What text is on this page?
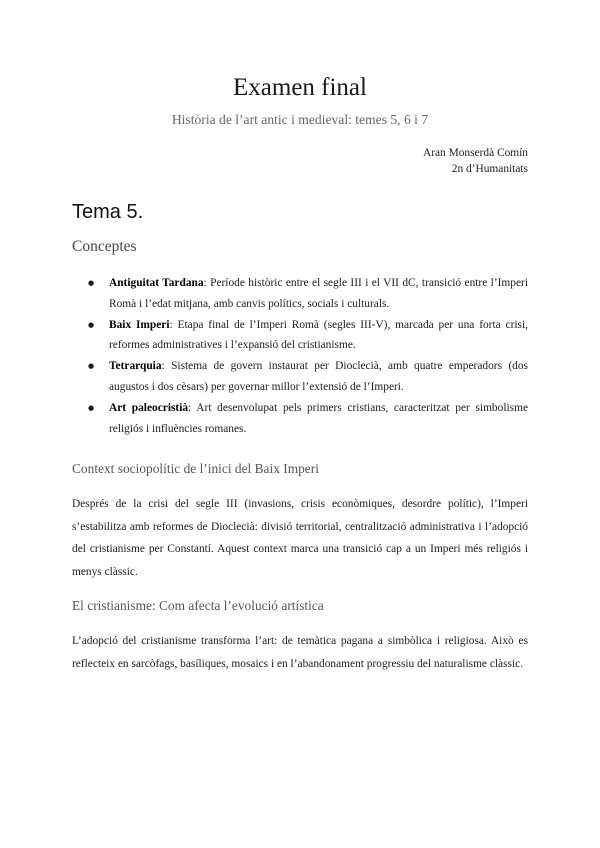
Examen final
Història de l’art antic i medieval: temes 5, 6 i 7
Aran Monserdà Comín
2n d’Humanitats
Tema 5.
Conceptes
● Antiguitat Tardana: Període històric entre el segle III i el VII dC, transició entre l’Imperi Romà i l’edat mitjana, amb canvis polítics, socials i culturals.
● Baix Imperi: Etapa final de l’Imperi Romà (segles III-V), marcada per una forta crisi, reformes administratives i l’expansió del cristianisme.
● Tetrarquia: Sistema de govern instaurat per Dioclecià, amb quatre emperadors (dos augustos i dos cèsars) per governar millor l’extensió de l’Imperi.
● Art paleocristià: Art desenvolupat pels primers cristians, caracteritzat per simbolisme religiós i influències romanes.
Context sociopolític de l’inici del Baix Imperi

Després de la crisi del segle III (invasions, crisis econòmiques, desordre polític), l’Imperi s’estabilitza amb reformes de Dioclecià: divisió territorial, centralització administrativa i l’adopció del cristianisme per Constantí. Aquest context marca una transició cap a un Imperi més religiós i menys clàssic.

El cristianisme: Com afecta l’evolució artística

L’adopció del cristianisme transforma l’art: de temàtica pagana a simbòlica i religiosa. Això es reflecteix en sarcòfags, basíliques, mosaics i en l’abandonament progressiu del naturalisme clàssic.
